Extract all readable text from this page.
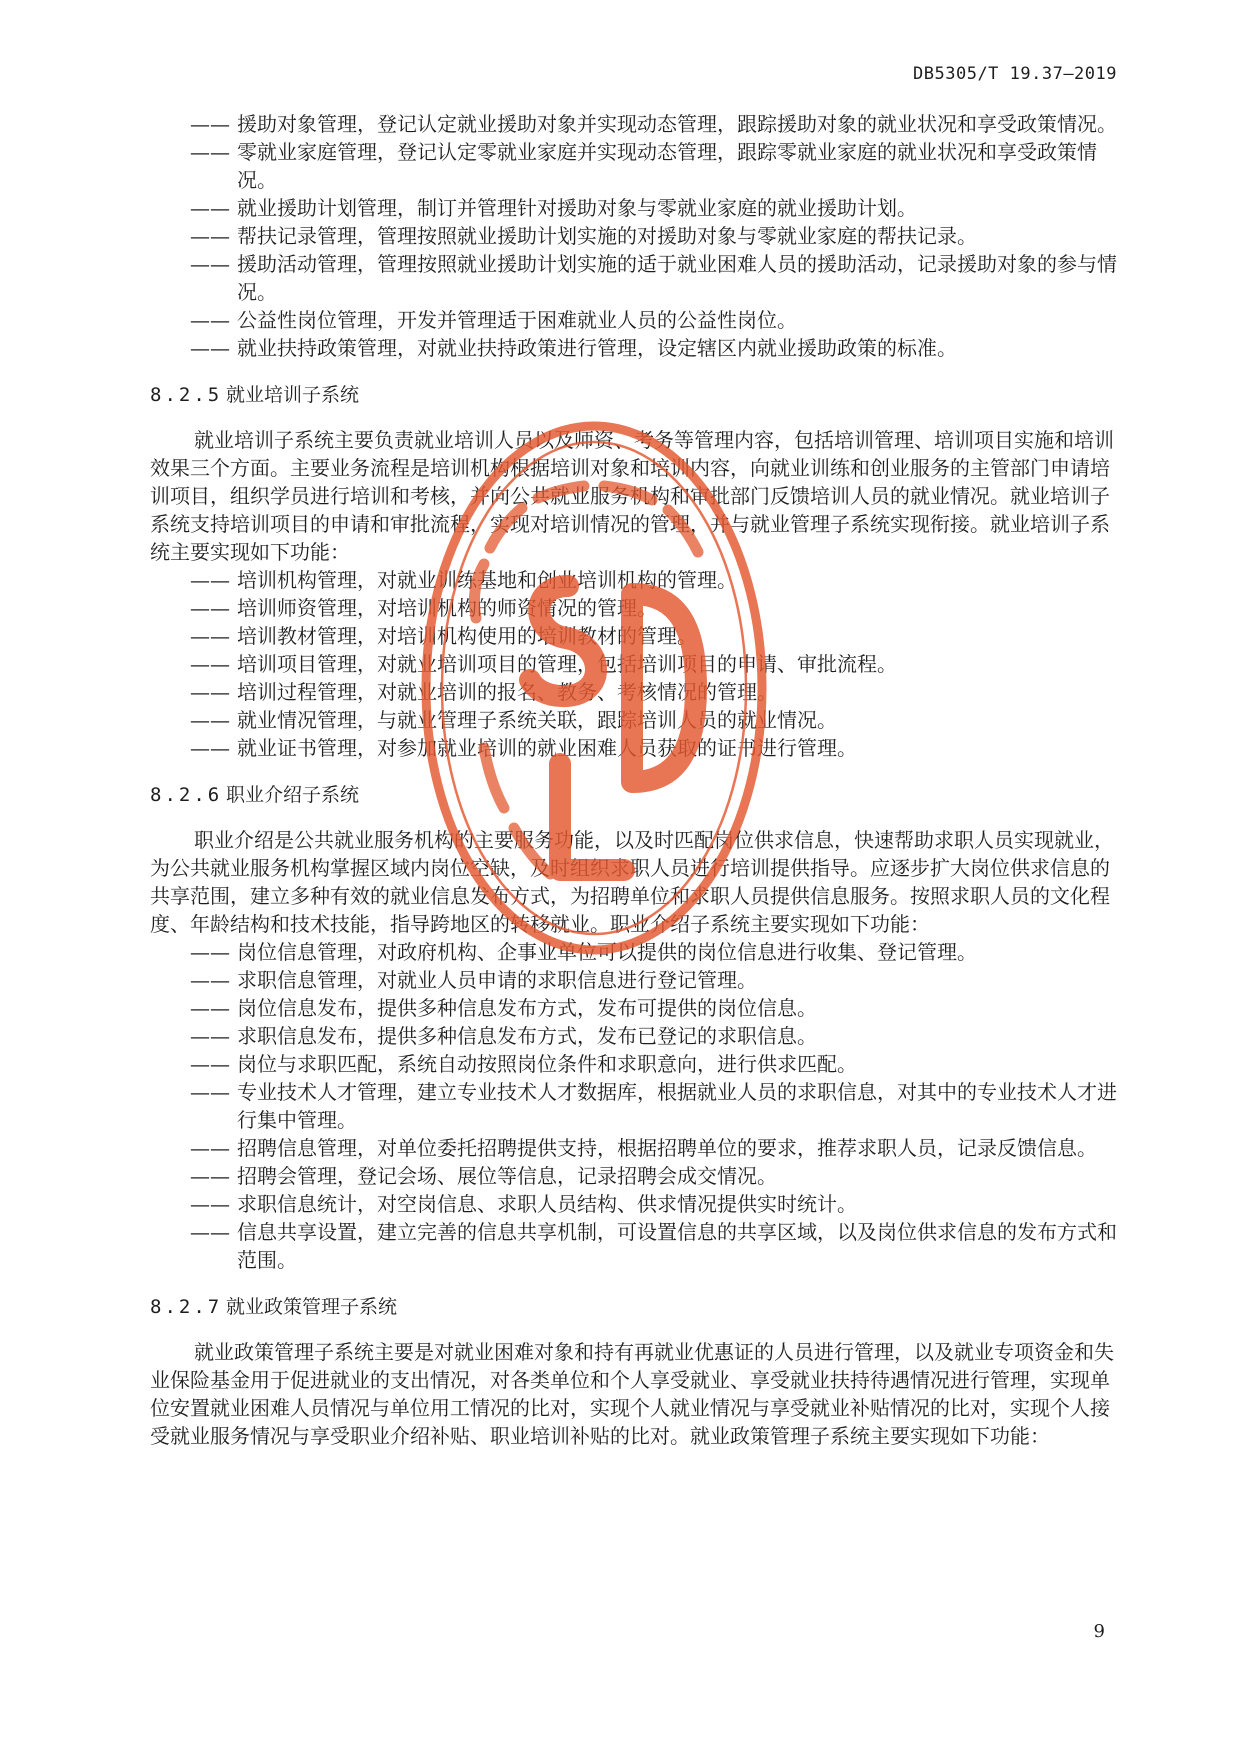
DB5305/T 19.37—2019

—— 援助对象管理，登记认定就业援助对象并实现动态管理，跟踪援助对象的就业状况和享受政策情况。

—— 零就业家庭管理，登记认定零就业家庭并实现动态管理，跟踪零就业家庭的就业状况和享受政策情况。

—— 就业援助计划管理，制订并管理针对援助对象与零就业家庭的就业援助计划。

—— 帮扶记录管理，管理按照就业援助计划实施的对援助对象与零就业家庭的帮扶记录。

—— 援助活动管理，管理按照就业援助计划实施的适于就业困难人员的援助活动，记录援助对象的参与情况。

—— 公益性岗位管理，开发并管理适于困难就业人员的公益性岗位。

—— 就业扶持政策管理，对就业扶持政策进行管理，设定辖区内就业援助政策的标准。

8.2.5 就业培训子系统

就业培训子系统主要负责就业培训人员以及师资、考务等管理内容，包括培训管理、培训项目实施和培训效果三个方面。主要业务流程是培训机构根据培训对象和培训内容，向就业训练和创业服务的主管部门申请培训项目，组织学员进行培训和考核，并向公共就业服务机构和审批部门反馈培训人员的就业情况。就业培训子系统支持培训项目的申请和审批流程，实现对培训情况的管理，并与就业管理子系统实现衔接。就业培训子系统主要实现如下功能：

—— 培训机构管理，对就业训练基地和创业培训机构的管理。

—— 培训师资管理，对培训机构的师资情况的管理。

—— 培训教材管理，对培训机构使用的培训教材的管理。

—— 培训项目管理，对就业培训项目的管理，包括培训项目的申请、审批流程。

—— 培训过程管理，对就业培训的报名、教务、考核情况的管理。

—— 就业情况管理，与就业管理子系统关联，跟踪培训人员的就业情况。

—— 就业证书管理，对参加就业培训的就业困难人员获取的证书进行管理。

8.2.6 职业介绍子系统

职业介绍是公共就业服务机构的主要服务功能，以及时匹配岗位供求信息，快速帮助求职人员实现就业，为公共就业服务机构掌握区域内岗位空缺，及时组织求职人员进行培训提供指导。应逐步扩大岗位供求信息的共享范围，建立多种有效的就业信息发布方式，为招聘单位和求职人员提供信息服务。按照求职人员的文化程度、年龄结构和技术技能，指导跨地区的转移就业。职业介绍子系统主要实现如下功能：

—— 岗位信息管理，对政府机构、企事业单位可以提供的岗位信息进行收集、登记管理。

—— 求职信息管理，对就业人员申请的求职信息进行登记管理。

—— 岗位信息发布，提供多种信息发布方式，发布可提供的岗位信息。

—— 求职信息发布，提供多种信息发布方式，发布已登记的求职信息。

—— 岗位与求职匹配，系统自动按照岗位条件和求职意向，进行供求匹配。

—— 专业技术人才管理，建立专业技术人才数据库，根据就业人员的求职信息，对其中的专业技术人才进行集中管理。

—— 招聘信息管理，对单位委托招聘提供支持，根据招聘单位的要求，推荐求职人员，记录反馈信息。

—— 招聘会管理，登记会场、展位等信息，记录招聘会成交情况。

—— 求职信息统计，对空岗信息、求职人员结构、供求情况提供实时统计。

—— 信息共享设置，建立完善的信息共享机制，可设置信息的共享区域，以及岗位供求信息的发布方式和范围。

8.2.7 就业政策管理子系统

就业政策管理子系统主要是对就业困难对象和持有再就业优惠证的人员进行管理，以及就业专项资金和失业保险基金用于促进就业的支出情况，对各类单位和个人享受就业、享受就业扶持待遇情况进行管理，实现单位安置就业困难人员情况与单位用工情况的比对，实现个人就业情况与享受就业补贴情况的比对，实现个人接受就业服务情况与享受职业介绍补贴、职业培训补贴的比对。就业政策管理子系统主要实现如下功能：

9
